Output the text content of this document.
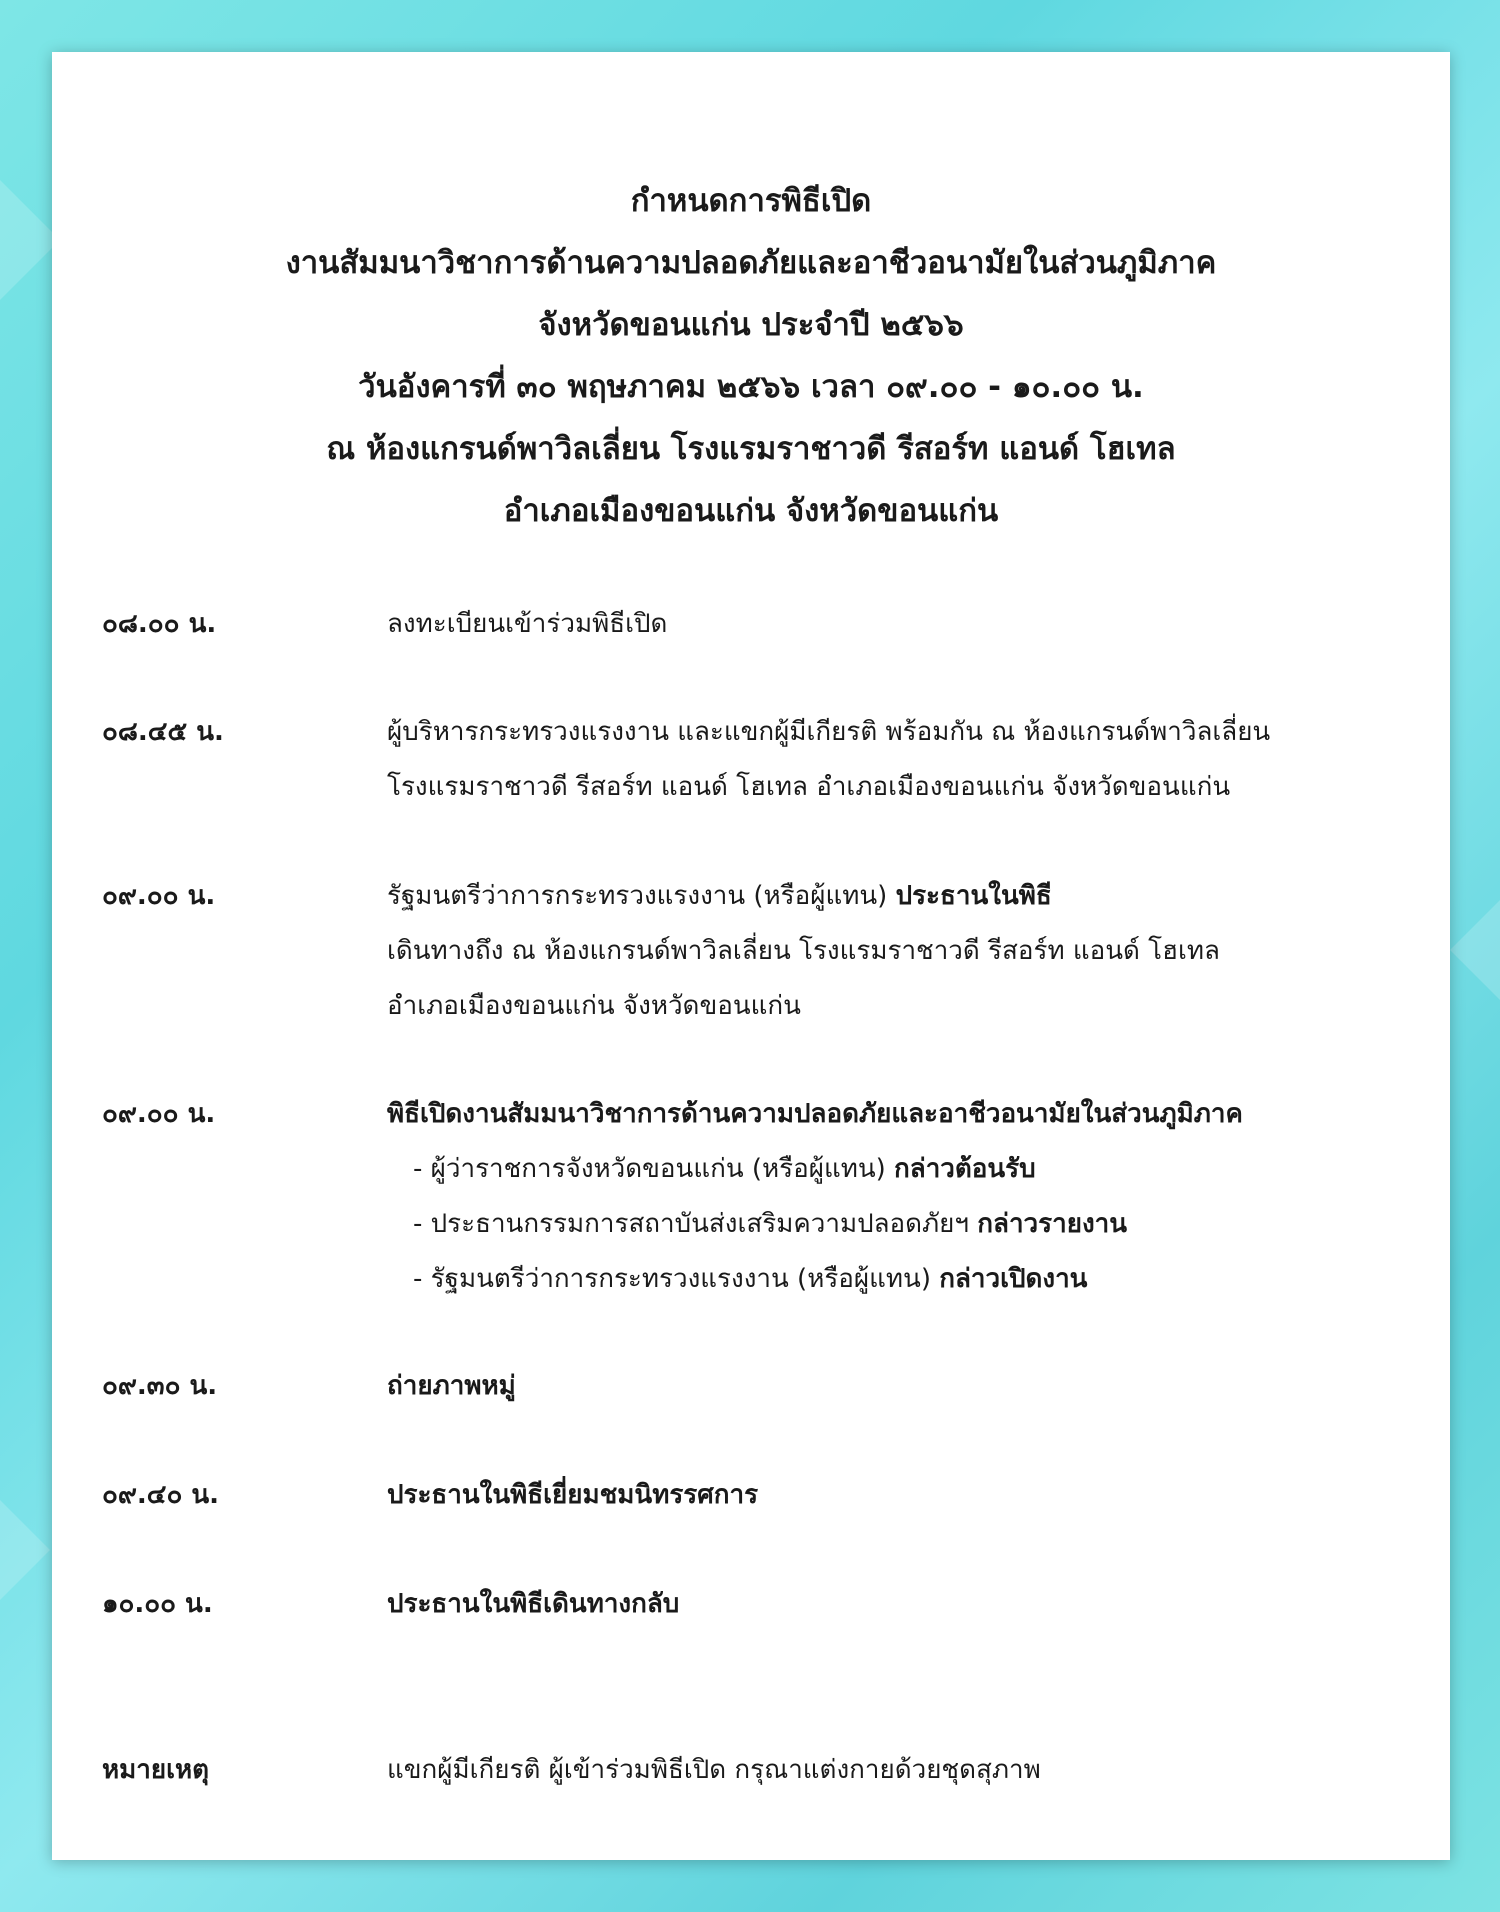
กำหนดการพิธีเปิด
งานสัมมนาวิชาการด้านความปลอดภัยและอาชีวอนามัยในส่วนภูมิภาค
จังหวัดขอนแก่น ประจำปี ๒๕๖๖
วันอังคารที่ ๓๐ พฤษภาคม ๒๕๖๖ เวลา ๐๙.๐๐ - ๑๐.๐๐ น.
ณ ห้องแกรนด์พาวิลเลี่ยน โรงแรมราชาวดี รีสอร์ท แอนด์ โฮเทล
อำเภอเมืองขอนแก่น จังหวัดขอนแก่น
๐๘.๐๐ น.	ลงทะเบียนเข้าร่วมพิธีเปิด
๐๘.๔๕ น.	ผู้บริหารกระทรวงแรงงาน และแขกผู้มีเกียรติ พร้อมกัน ณ ห้องแกรนด์พาวิลเลี่ยน
โรงแรมราชาวดี รีสอร์ท แอนด์ โฮเทล อำเภอเมืองขอนแก่น จังหวัดขอนแก่น
๐๙.๐๐ น.	รัฐมนตรีว่าการกระทรวงแรงงาน (หรือผู้แทน) ประธานในพิธี
เดินทางถึง ณ ห้องแกรนด์พาวิลเลี่ยน โรงแรมราชาวดี รีสอร์ท แอนด์ โฮเทล
อำเภอเมืองขอนแก่น จังหวัดขอนแก่น
๐๙.๐๐ น.	พิธีเปิดงานสัมมนาวิชาการด้านความปลอดภัยและอาชีวอนามัยในส่วนภูมิภาค
- ผู้ว่าราชการจังหวัดขอนแก่น (หรือผู้แทน) กล่าวต้อนรับ
- ประธานกรรมการสถาบันส่งเสริมความปลอดภัยฯ กล่าวรายงาน
- รัฐมนตรีว่าการกระทรวงแรงงาน (หรือผู้แทน) กล่าวเปิดงาน
๐๙.๓๐ น.	ถ่ายภาพหมู่
๐๙.๔๐ น.	ประธานในพิธีเยี่ยมชมนิทรรศการ
๑๐.๐๐ น.	ประธานในพิธีเดินทางกลับ
หมายเหตุ	แขกผู้มีเกียรติ ผู้เข้าร่วมพิธีเปิด กรุณาแต่งกายด้วยชุดสุภาพ
